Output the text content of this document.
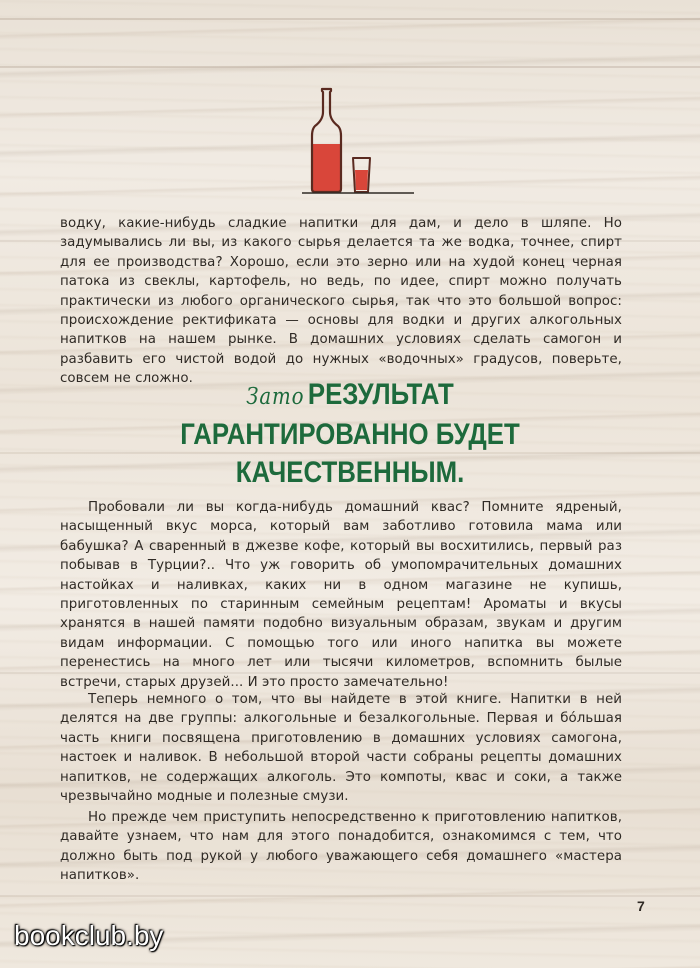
водку, какие-нибудь сладкие напитки для дам, и дело в шляпе. Но задумывались ли вы, из какого сырья делается та же водка, точнее, спирт для ее производства? Хорошо, если это зерно или на худой конец черная патока из свеклы, картофель, но ведь, по идее, спирт можно получать практически из любого органического сырья, так что это большой вопрос: происхождение ректификата — основы для водки и других алкогольных напитков на нашем рынке. В домашних условиях сделать самогон и разбавить его чистой водой до нужных «водочных» градусов, поверьте, совсем не сложно.

Зато РЕЗУЛЬТАТ
ГАРАНТИРОВАННО БУДЕТ
КАЧЕСТВЕННЫМ.

Пробовали ли вы когда-нибудь домашний квас? Помните ядреный, насыщенный вкус морса, который вам заботливо готовила мама или бабушка? А сваренный в джезве кофе, который вы восхитились, первый раз побывав в Турции?.. Что уж говорить об умопомрачительных домашних настойках и наливках, каких ни в одном магазине не купишь, приготовленных по старинным семейным рецептам! Ароматы и вкусы хранятся в нашей памяти подобно визуальным образам, звукам и другим видам информации. С помощью того или иного напитка вы можете перенестись на много лет или тысячи километров, вспомнить былые встречи, старых друзей... И это просто замечательно!

Теперь немного о том, что вы найдете в этой книге. Напитки в ней делятся на две группы: алкогольные и безалкогольные. Первая и бо́льшая часть книги посвящена приготовлению в домашних условиях самогона, настоек и наливок. В небольшой второй части собраны рецепты домашних напитков, не содержащих алкоголь. Это компоты, квас и соки, а также чрезвычайно модные и полезные смузи.

Но прежде чем приступить непосредственно к приготовлению напитков, давайте узнаем, что нам для этого понадобится, ознакомимся с тем, что должно быть под рукой у любого уважающего себя домашнего «мастера напитков».

7
bookclub.by
